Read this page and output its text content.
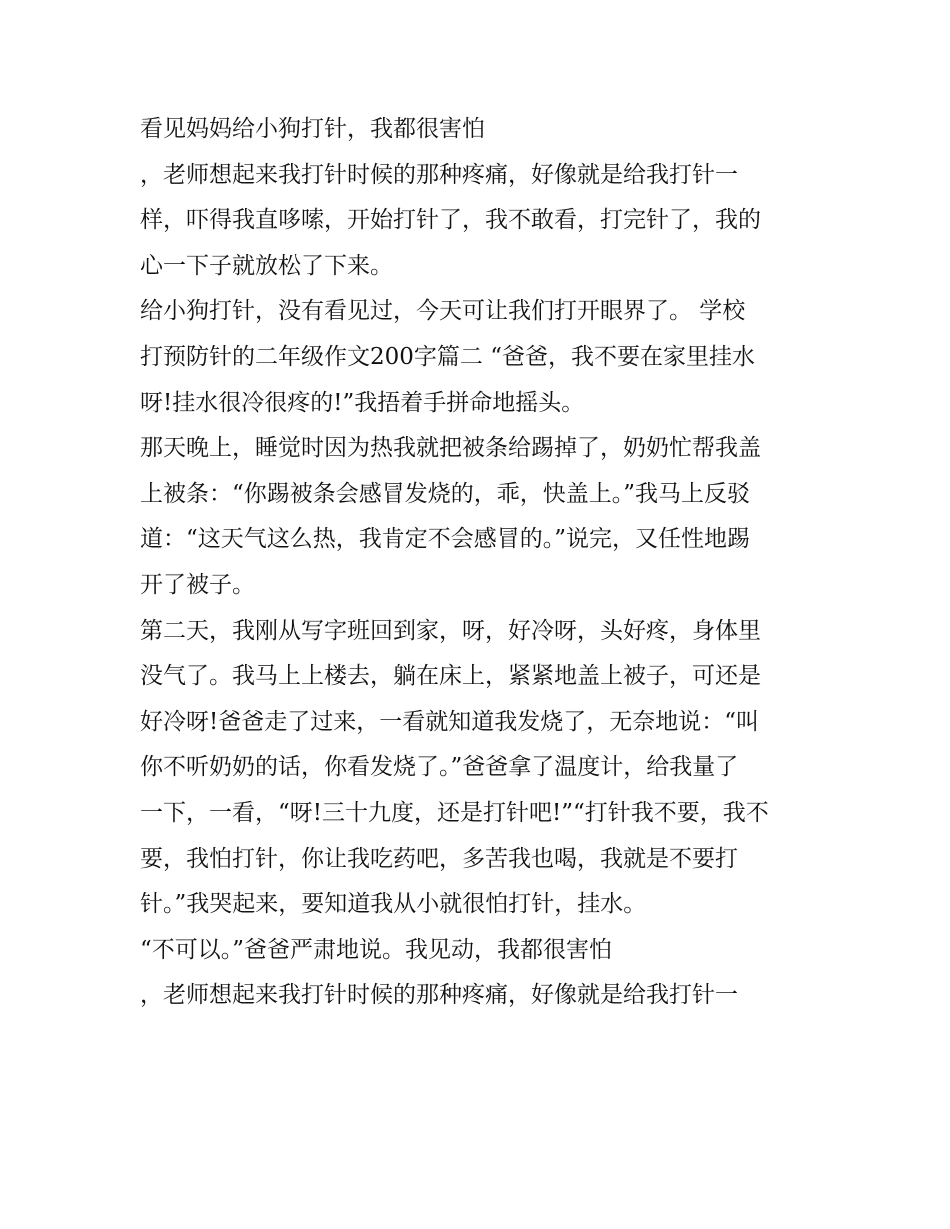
看见妈妈给小狗打针，我都很害怕
，老师想起来我打针时候的那种疼痛，好像就是给我打针一
样，吓得我直哆嗦，开始打针了，我不敢看，打完针了，我的
心一下子就放松了下来。
给小狗打针，没有看见过，今天可让我们打开眼界了。 学校
打预防针的二年级作文200字篇二 “爸爸，我不要在家里挂水
呀!挂水很冷很疼的!”我捂着手拼命地摇头。
那天晚上，睡觉时因为热我就把被条给踢掉了，奶奶忙帮我盖
上被条：“你踢被条会感冒发烧的，乖，快盖上。”我马上反驳
道：“这天气这么热，我肯定不会感冒的。”说完，又任性地踢
开了被子。
第二天，我刚从写字班回到家，呀，好冷呀，头好疼，身体里
没气了。我马上上楼去，躺在床上，紧紧地盖上被子，可还是
好冷呀!爸爸走了过来，一看就知道我发烧了，无奈地说：“叫
你不听奶奶的话，你看发烧了。”爸爸拿了温度计，给我量了
一下，一看，“呀!三十九度，还是打针吧!”“打针我不要，我不
要，我怕打针，你让我吃药吧，多苦我也喝，我就是不要打
针。”我哭起来，要知道我从小就很怕打针，挂水。
“不可以。”爸爸严肃地说。我见动，我都很害怕
，老师想起来我打针时候的那种疼痛，好像就是给我打针一
